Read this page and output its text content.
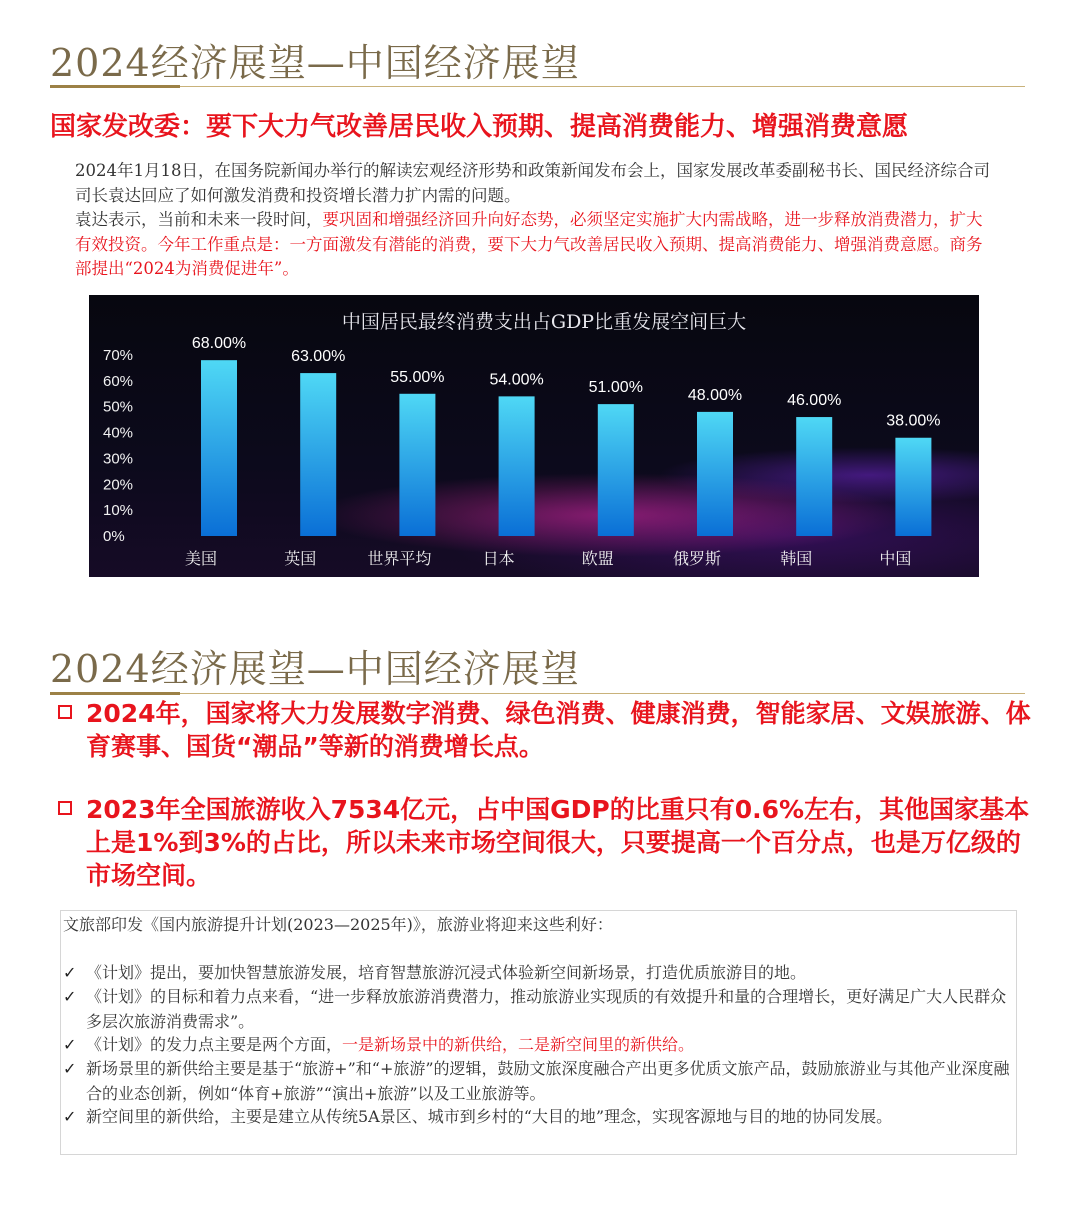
2024经济展望—中国经济展望
国家发改委：要下大力气改善居民收入预期、提高消费能力、增强消费意愿
2024年1月18日，在国务院新闻办举行的解读宏观经济形势和政策新闻发布会上，国家发展改革委副秘书长、国民经济综合司司长袁达回应了如何激发消费和投资增长潜力扩内需的问题。
袁达表示，当前和未来一段时间，要巩固和增强经济回升向好态势，必须坚定实施扩大内需战略，进一步释放消费潜力，扩大有效投资。今年工作重点是：一方面激发有潜能的消费，要下大力气改善居民收入预期、提高消费能力、增强消费意愿。商务部提出“2024为消费促进年”。
中国居民最终消费支出占GDP比重发展空间巨大
0%
10%
20%
30%
40%
50%
60%
70%
68.00%
美国
63.00%
英国
55.00%
世界平均
54.00%
日本
51.00%
欧盟
48.00%
俄罗斯
46.00%
韩国
38.00%
中国
2024经济展望—中国经济展望
2024年，国家将大力发展数字消费、绿色消费、健康消费，智能家居、文娱旅游、体育赛事、国货“潮品”等新的消费增长点。
2023年全国旅游收入7534亿元，占中国GDP的比重只有0.6%左右，其他国家基本上是1%到3%的占比，所以未来市场空间很大，只要提高一个百分点，也是万亿级的市场空间。
文旅部印发《国内旅游提升计划(2023—2025年)》，旅游业将迎来这些利好：
✓ 《计划》提出，要加快智慧旅游发展，培育智慧旅游沉浸式体验新空间新场景，打造优质旅游目的地。
✓ 《计划》的目标和着力点来看，“进一步释放旅游消费潜力，推动旅游业实现质的有效提升和量的合理增长，更好满足广大人民群众多层次旅游消费需求”。
✓ 《计划》的发力点主要是两个方面，一是新场景中的新供给，二是新空间里的新供给。
✓ 新场景里的新供给主要是基于“旅游+”和“+旅游”的逻辑，鼓励文旅深度融合产出更多优质文旅产品，鼓励旅游业与其他产业深度融合的业态创新，例如“体育+旅游”“演出+旅游”以及工业旅游等。
✓ 新空间里的新供给，主要是建立从传统5A景区、城市到乡村的“大目的地”理念，实现客源地与目的地的协同发展。
